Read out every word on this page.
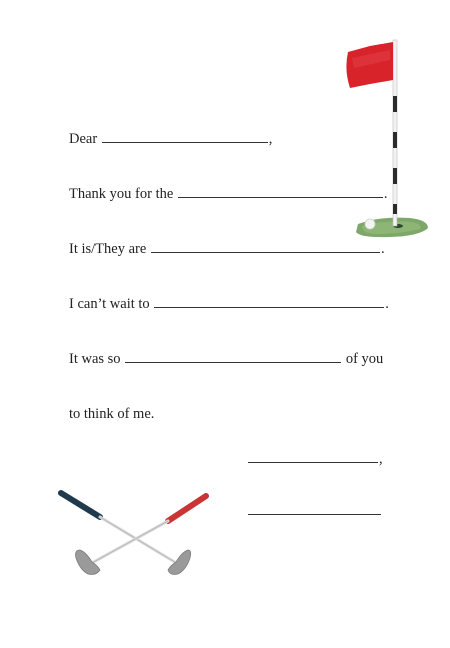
Dear	,
Thank you for the	.
It is/They are	.
I can’t wait to	.
It was so	of you
to think of me.
,
